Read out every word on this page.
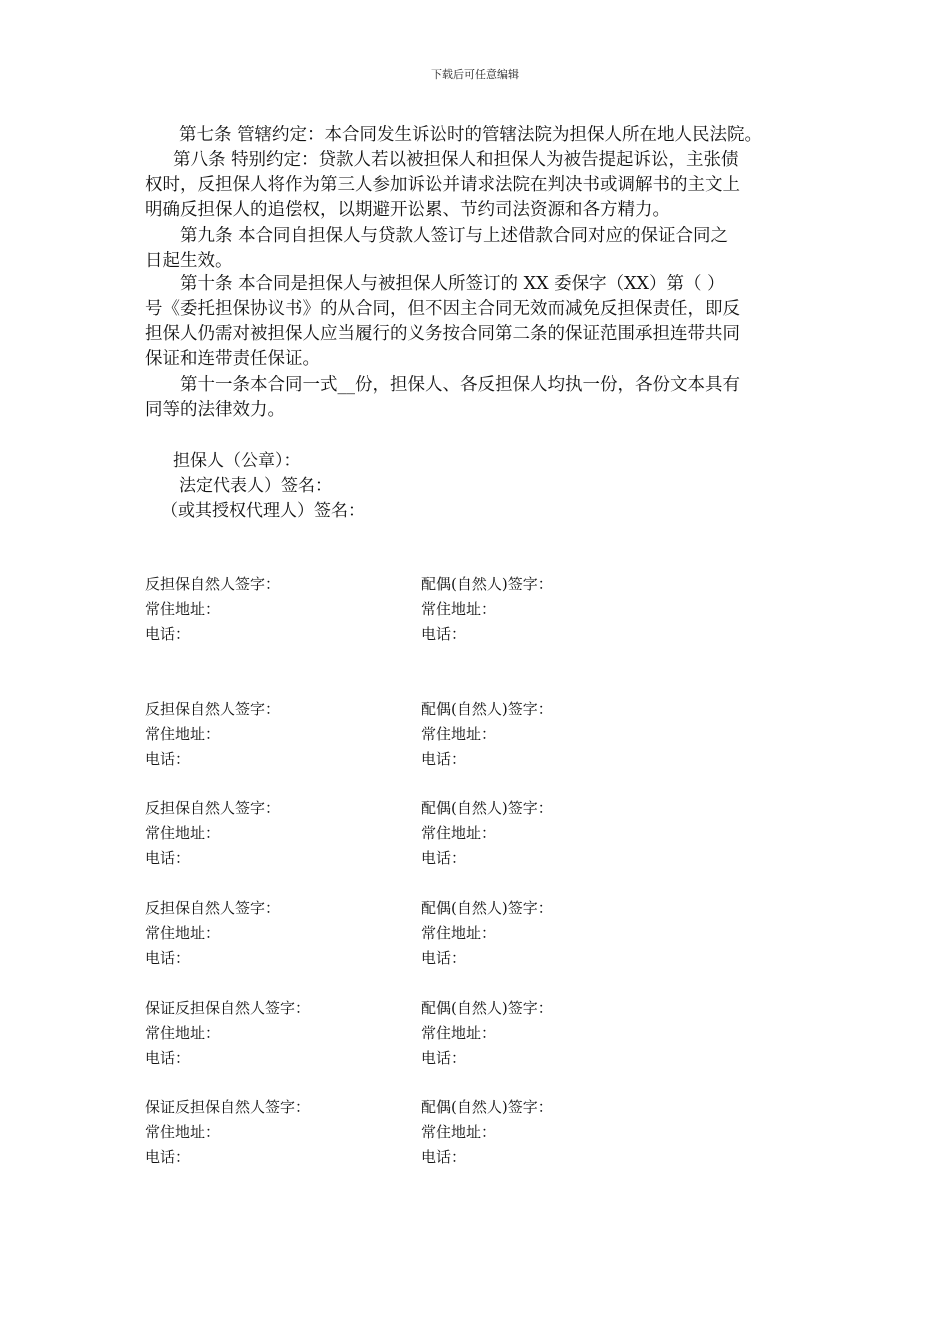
下载后可任意编辑
第七条 管辖约定：本合同发生诉讼时的管辖法院为担保人所在地人民法院。
第八条 特别约定：贷款人若以被担保人和担保人为被告提起诉讼，主张债
权时，反担保人将作为第三人参加诉讼并请求法院在判决书或调解书的主文上
明确反担保人的追偿权，以期避开讼累、节约司法资源和各方精力。
第九条 本合同自担保人与贷款人签订与上述借款合同对应的保证合同之
日起生效。
第十条 本合同是担保人与被担保人所签订的 XX 委保字（XX）第（ ）
号《委托担保协议书》的从合同，但不因主合同无效而减免反担保责任，即反
担保人仍需对被担保人应当履行的义务按合同第二条的保证范围承担连带共同
保证和连带责任保证。
第十一条本合同一式__份，担保人、各反担保人均执一份，各份文本具有
同等的法律效力。
担保人（公章）：
法定代表人）签名：
（或其授权代理人）签名：
反担保自然人签字：	配偶(自然人)签字：
常住地址：	常住地址：
电话：	电话：
反担保自然人签字：	配偶(自然人)签字：
常住地址：	常住地址：
电话：	电话：
反担保自然人签字：	配偶(自然人)签字：
常住地址：	常住地址：
电话：	电话：
反担保自然人签字：	配偶(自然人)签字：
常住地址：	常住地址：
电话：	电话：
保证反担保自然人签字：	配偶(自然人)签字：
常住地址：	常住地址：
电话：	电话：
保证反担保自然人签字：	配偶(自然人)签字：
常住地址：	常住地址：
电话：	电话：
